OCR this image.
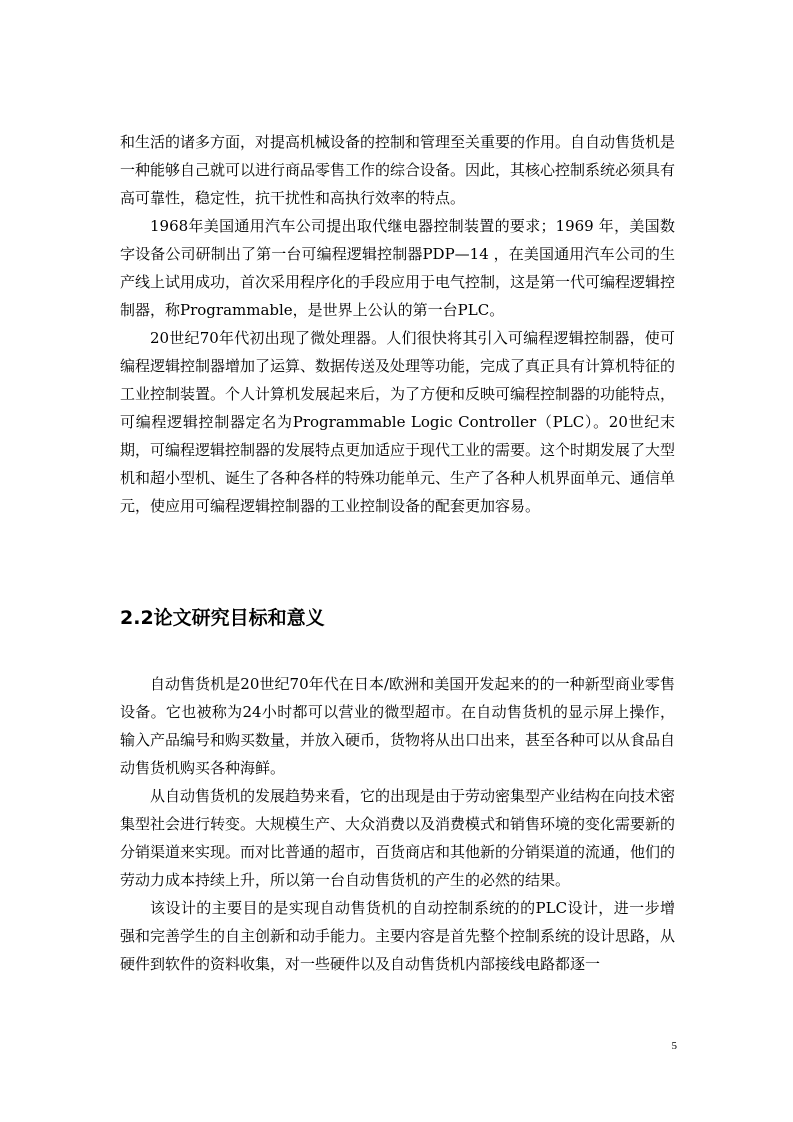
和生活的诸多方面，对提高机械设备的控制和管理至关重要的作用。自自动售货机是一种能够自己就可以进行商品零售工作的综合设备。因此，其核心控制系统必须具有高可靠性，稳定性，抗干扰性和高执行效率的特点。

1968年美国通用汽车公司提出取代继电器控制装置的要求；1969 年，美国数字设备公司研制出了第一台可编程逻辑控制器PDP—14 ，在美国通用汽车公司的生产线上试用成功，首次采用程序化的手段应用于电气控制，这是第一代可编程逻辑控制器，称Programmable，是世界上公认的第一台PLC。

20世纪70年代初出现了微处理器。人们很快将其引入可编程逻辑控制器，使可编程逻辑控制器增加了运算、数据传送及处理等功能，完成了真正具有计算机特征的工业控制装置。个人计算机发展起来后，为了方便和反映可编程控制器的功能特点，可编程逻辑控制器定名为Programmable Logic Controller（PLC）。20世纪末期，可编程逻辑控制器的发展特点更加适应于现代工业的需要。这个时期发展了大型机和超小型机、诞生了各种各样的特殊功能单元、生产了各种人机界面单元、通信单元，使应用可编程逻辑控制器的工业控制设备的配套更加容易。

2.2论文研究目标和意义

自动售货机是20世纪70年代在日本/欧洲和美国开发起来的的一种新型商业零售设备。它也被称为24小时都可以营业的微型超市。在自动售货机的显示屏上操作，输入产品编号和购买数量，并放入硬币，货物将从出口出来，甚至各种可以从食品自动售货机购买各种海鲜。

从自动售货机的发展趋势来看，它的出现是由于劳动密集型产业结构在向技术密集型社会进行转变。大规模生产、大众消费以及消费模式和销售环境的变化需要新的分销渠道来实现。而对比普通的超市，百货商店和其他新的分销渠道的流通，他们的劳动力成本持续上升，所以第一台自动售货机的产生的必然的结果。

该设计的主要目的是实现自动售货机的自动控制系统的的PLC设计，进一步增强和完善学生的自主创新和动手能力。主要内容是首先整个控制系统的设计思路，从硬件到软件的资料收集，对一些硬件以及自动售货机内部接线电路都逐一

5
